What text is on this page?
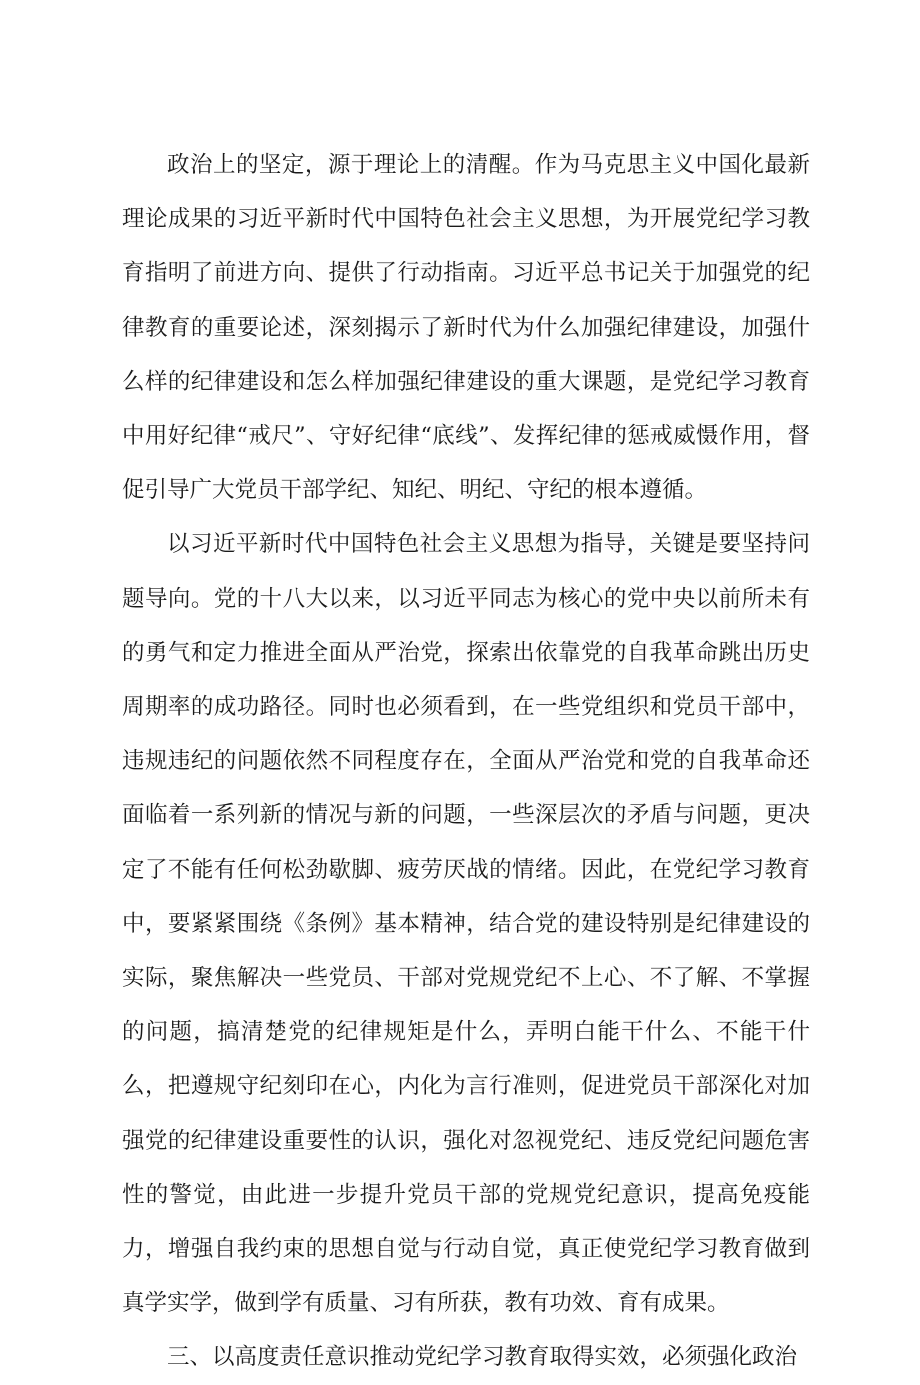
政治上的坚定，源于理论上的清醒。作为马克思主义中国化最新理论成果的习近平新时代中国特色社会主义思想，为开展党纪学习教育指明了前进方向、提供了行动指南。习近平总书记关于加强党的纪律教育的重要论述，深刻揭示了新时代为什么加强纪律建设，加强什么样的纪律建设和怎么样加强纪律建设的重大课题，是党纪学习教育中用好纪律“戒尺”、守好纪律“底线”、发挥纪律的惩戒威慑作用，督促引导广大党员干部学纪、知纪、明纪、守纪的根本遵循。

以习近平新时代中国特色社会主义思想为指导，关键是要坚持问题导向。党的十八大以来，以习近平同志为核心的党中央以前所未有的勇气和定力推进全面从严治党，探索出依靠党的自我革命跳出历史周期率的成功路径。同时也必须看到，在一些党组织和党员干部中，违规违纪的问题依然不同程度存在，全面从严治党和党的自我革命还面临着一系列新的情况与新的问题，一些深层次的矛盾与问题，更决定了不能有任何松劲歇脚、疲劳厌战的情绪。因此，在党纪学习教育中，要紧紧围绕《条例》基本精神，结合党的建设特别是纪律建设的实际，聚焦解决一些党员、干部对党规党纪不上心、不了解、不掌握的问题，搞清楚党的纪律规矩是什么，弄明白能干什么、不能干什么，把遵规守纪刻印在心，内化为言行准则，促进党员干部深化对加强党的纪律建设重要性的认识，强化对忽视党纪、违反党纪问题危害性的警觉，由此进一步提升党员干部的党规党纪意识，提高免疫能力，增强自我约束的思想自觉与行动自觉，真正使党纪学习教育做到真学实学，做到学有质量、习有所获，教有功效、育有成果。

三、以高度责任意识推动党纪学习教育取得实效，必须强化政治
